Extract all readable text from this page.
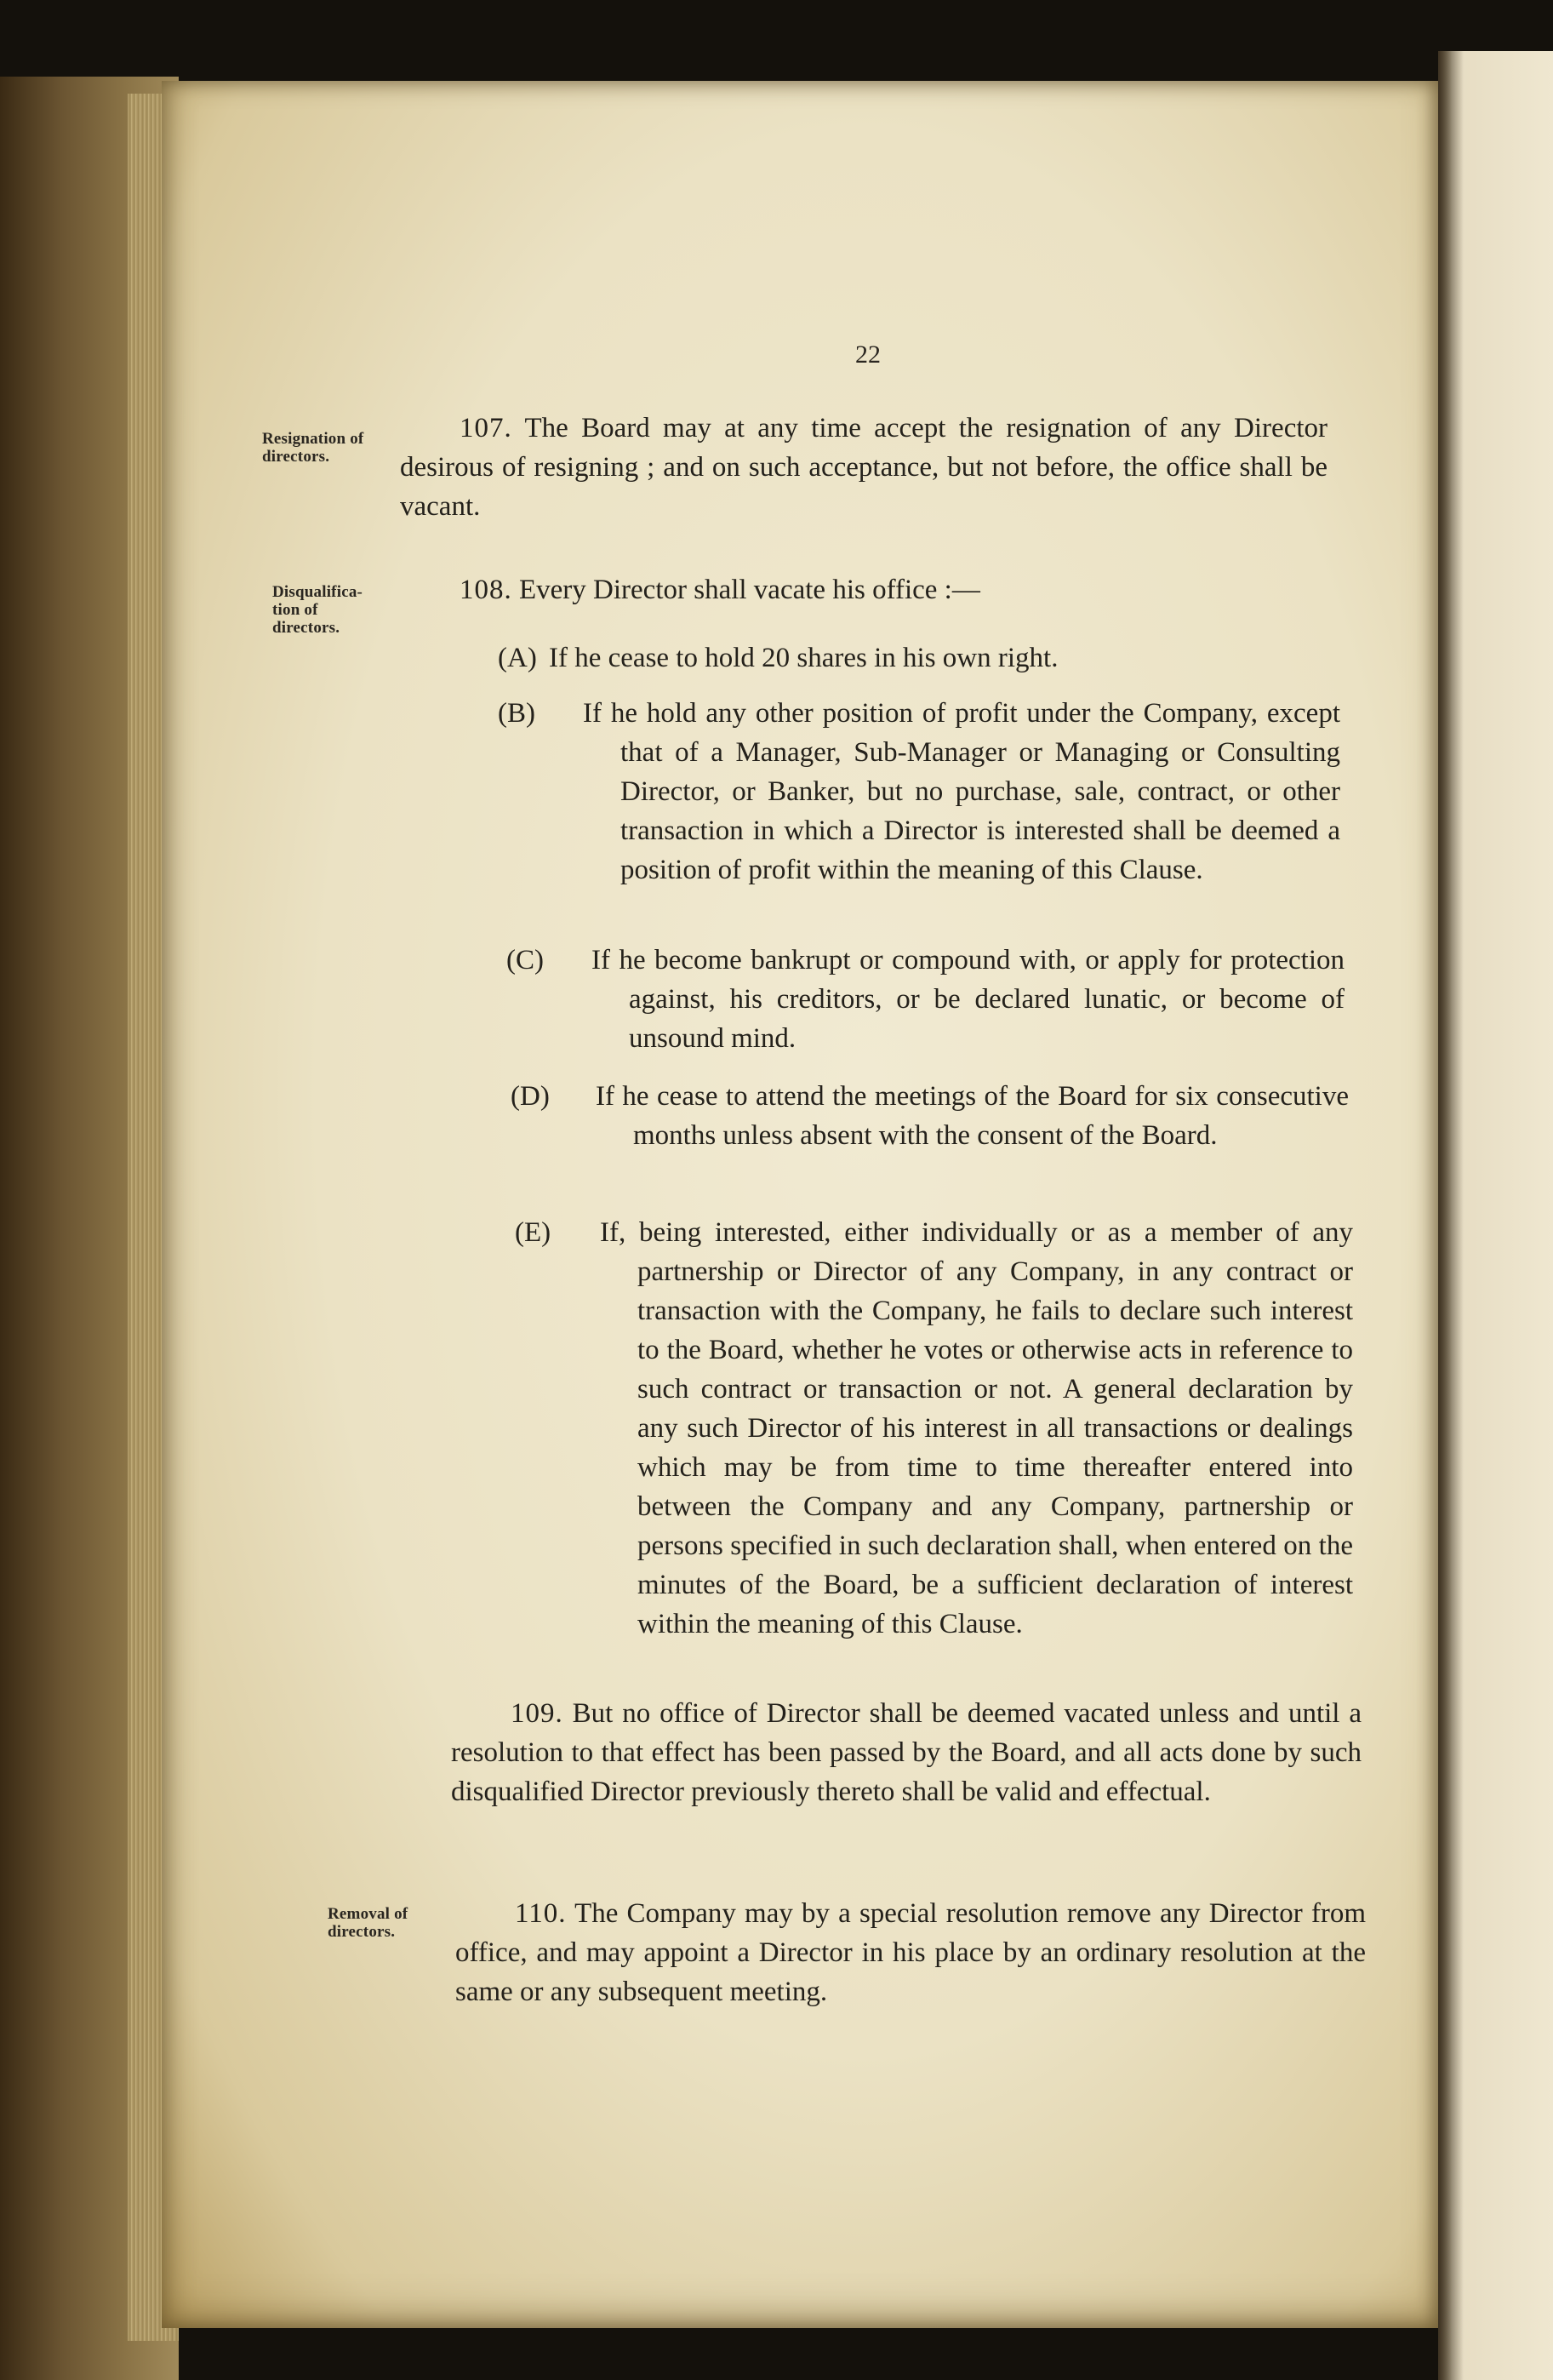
22
Resignation of directors.
Disqualifica-tion of directors.
Removal of directors.
107. The Board may at any time accept the resignation of any Director desirous of resigning ; and on such acceptance, but not before, the office shall be vacant.
108. Every Director shall vacate his office :—
(A) If he cease to hold 20 shares in his own right.
(B) If he hold any other position of profit under the Company, except that of a Manager, Sub-Manager or Managing or Consulting Director, or Banker, but no purchase, sale, contract, or other transaction in which a Director is interested shall be deemed a position of profit within the meaning of this Clause.
(C) If he become bankrupt or compound with, or apply for protection against, his creditors, or be declared lunatic, or become of unsound mind.
(D) If he cease to attend the meetings of the Board for six consecutive months unless absent with the consent of the Board.
(E) If, being interested, either individually or as a member of any partnership or Director of any Company, in any contract or transaction with the Company, he fails to declare such interest to the Board, whether he votes or otherwise acts in reference to such contract or transaction or not. A general declaration by any such Director of his interest in all transactions or dealings which may be from time to time thereafter entered into between the Company and any Company, partnership or persons specified in such declaration shall, when entered on the minutes of the Board, be a sufficient declaration of interest within the meaning of this Clause.
109. But no office of Director shall be deemed vacated unless and until a resolution to that effect has been passed by the Board, and all acts done by such disqualified Director previously thereto shall be valid and effectual.
110. The Company may by a special resolution remove any Director from office, and may appoint a Director in his place by an ordinary resolution at the same or any subsequent meeting.
